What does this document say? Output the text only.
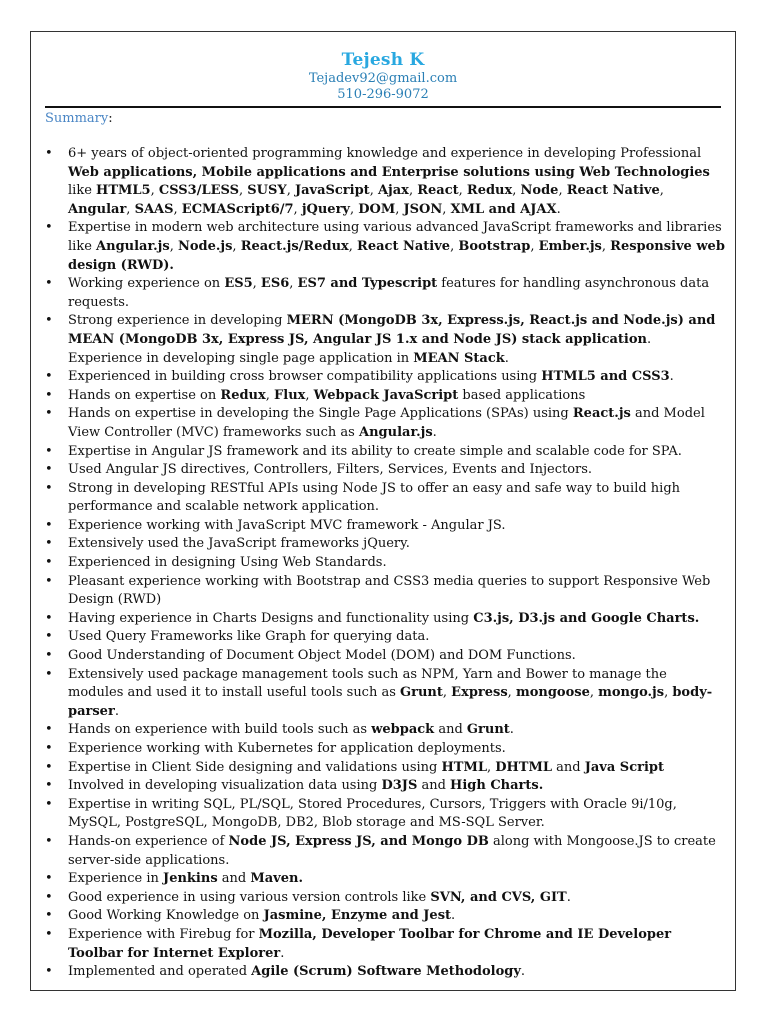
Tejesh K
Tejadev92@gmail.com
510-296-9072
Summary:
• 6+ years of object-oriented programming knowledge and experience in developing Professional Web applications, Mobile applications and Enterprise solutions using Web Technologies like HTML5, CSS3/LESS, SUSY, JavaScript, Ajax, React, Redux, Node, React Native, Angular, SAAS, ECMAScript6/7, jQuery, DOM, JSON, XML and AJAX.
• Expertise in modern web architecture using various advanced JavaScript frameworks and libraries like Angular.js, Node.js, React.js/Redux, React Native, Bootstrap, Ember.js, Responsive web design (RWD).
• Working experience on ES5, ES6, ES7 and Typescript features for handling asynchronous data requests.
• Strong experience in developing MERN (MongoDB 3x, Express.js, React.js and Node.js) and MEAN (MongoDB 3x, Express JS, Angular JS 1.x and Node JS) stack application. Experience in developing single page application in MEAN Stack.
• Experienced in building cross browser compatibility applications using HTML5 and CSS3.
• Hands on expertise on Redux, Flux, Webpack JavaScript based applications
• Hands on expertise in developing the Single Page Applications (SPAs) using React.js and Model View Controller (MVC) frameworks such as Angular.js.
• Expertise in Angular JS framework and its ability to create simple and scalable code for SPA.
• Used Angular JS directives, Controllers, Filters, Services, Events and Injectors.
• Strong in developing RESTful APIs using Node JS to offer an easy and safe way to build high performance and scalable network application.
• Experience working with JavaScript MVC framework - Angular JS.
• Extensively used the JavaScript frameworks jQuery.
• Experienced in designing Using Web Standards.
• Pleasant experience working with Bootstrap and CSS3 media queries to support Responsive Web Design (RWD)
• Having experience in Charts Designs and functionality using C3.js, D3.js and Google Charts.
• Used Query Frameworks like Graph for querying data.
• Good Understanding of Document Object Model (DOM) and DOM Functions.
• Extensively used package management tools such as NPM, Yarn and Bower to manage the modules and used it to install useful tools such as Grunt, Express, mongoose, mongo.js, body-parser.
• Hands on experience with build tools such as webpack and Grunt.
• Experience working with Kubernetes for application deployments.
• Expertise in Client Side designing and validations using HTML, DHTML and Java Script
• Involved in developing visualization data using D3JS and High Charts.
• Expertise in writing SQL, PL/SQL, Stored Procedures, Cursors, Triggers with Oracle 9i/10g, MySQL, PostgreSQL, MongoDB, DB2, Blob storage and MS-SQL Server.
• Hands-on experience of Node JS, Express JS, and Mongo DB along with Mongoose.JS to create server-side applications.
• Experience in Jenkins and Maven.
• Good experience in using various version controls like SVN, and CVS, GIT.
• Good Working Knowledge on Jasmine, Enzyme and Jest.
• Experience with Firebug for Mozilla, Developer Toolbar for Chrome and IE Developer Toolbar for Internet Explorer.
• Implemented and operated Agile (Scrum) Software Methodology.
